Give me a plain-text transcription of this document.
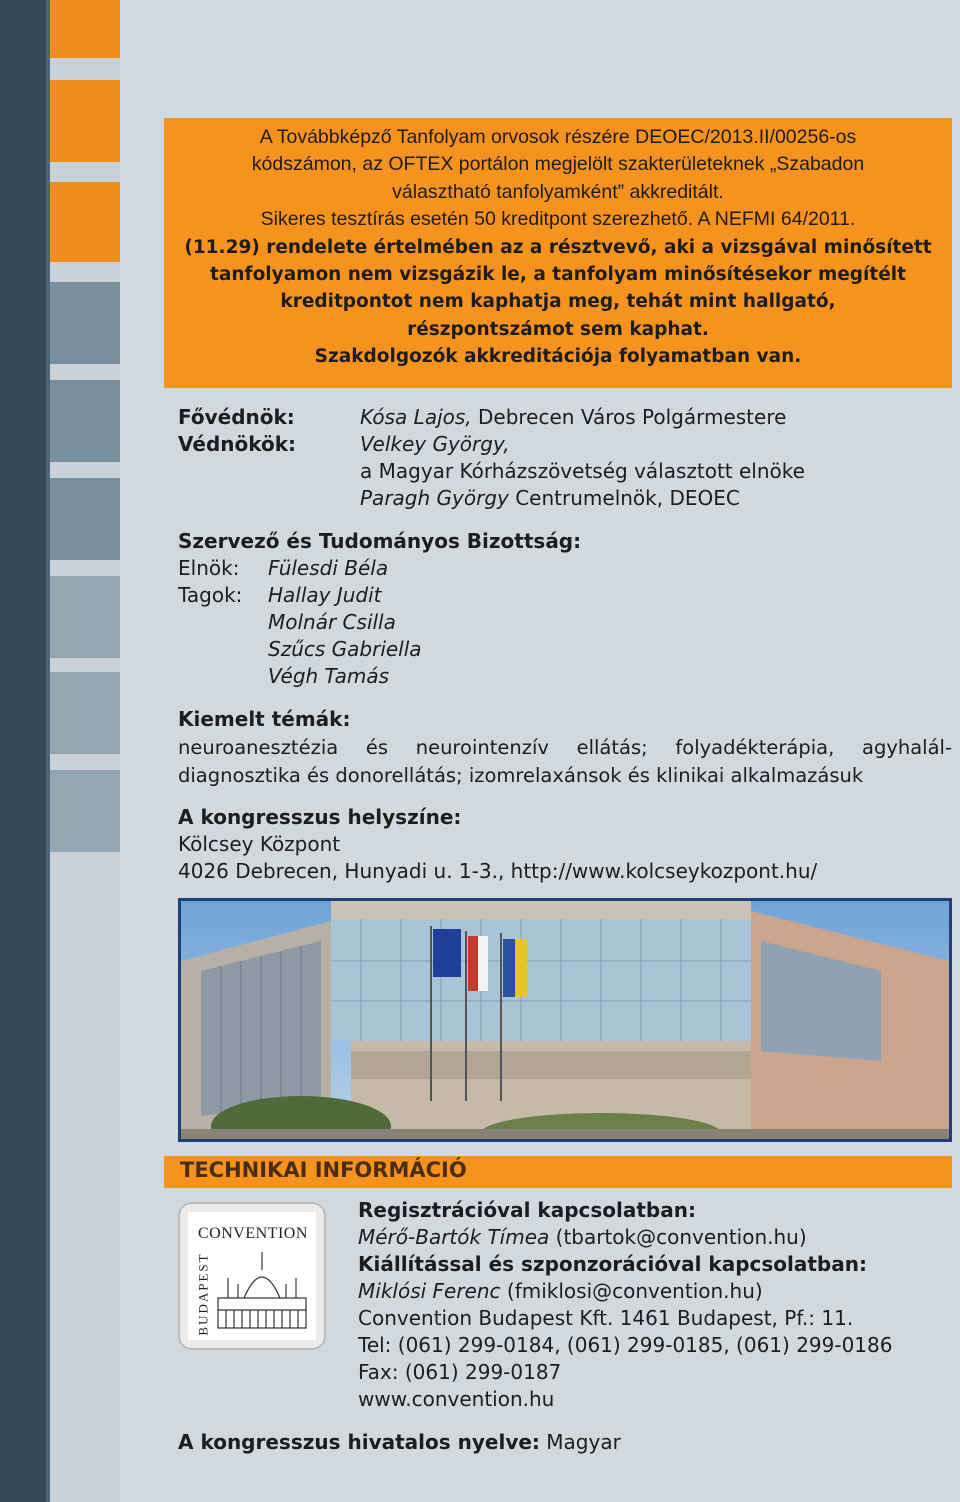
A Továbbképző Tanfolyam orvosok részére DEOEC/2013.II/00256-os

kódszámon, az OFTEX portálon megjelölt szakterületeknek „Szabadon

választható tanfolyamként” akkreditált.

Sikeres tesztírás esetén 50 kreditpont szerezhető. A NEFMI 64/2011.

(11.29) rendelete értelmében az a résztvevő, aki a vizsgával minősített

tanfolyamon nem vizsgázik le, a tanfolyam minősítésekor megítélt

kreditpontot nem kaphatja meg, tehát mint hallgató,

részpontszámot sem kaphat.

Szakdolgozók akkreditációja folyamatban van.

Fővédnök:	Kósa Lajos, Debrecen Város Polgármestere
Védnökök:	Velkey György,
a Magyar Kórházszövetség választott elnöke
Paragh György Centrumelnök, DEOEC
Szervező és Tudományos Bizottság:
Elnök: Fülesdi Béla
Tagok: Hallay Judit
Molnár Csilla
Szűcs Gabriella
Végh Tamás
Kiemelt témák:
neuroanesztézia és neurointenzív ellátás; folyadékterápia, agyhalál-diagnosztika és donorellátás; izomrelaxánsok és klinikai alkalmazásuk
A kongresszus helyszíne:
Kölcsey Központ
4026 Debrecen, Hunyadi u. 1-3., http://www.kolcseykozpont.hu/
TECHNIKAI INFORMÁCIÓ
CONVENTION
BUDAPEST
Regisztrációval kapcsolatban:
Mérő-Bartók Tímea (tbartok@convention.hu)
Kiállítással és szponzorációval kapcsolatban:
Miklósi Ferenc (fmiklosi@convention.hu)
Convention Budapest Kft. 1461 Budapest, Pf.: 11.
Tel: (061) 299-0184, (061) 299-0185, (061) 299-0186
Fax: (061) 299-0187
www.convention.hu
A kongresszus hivatalos nyelve: Magyar
